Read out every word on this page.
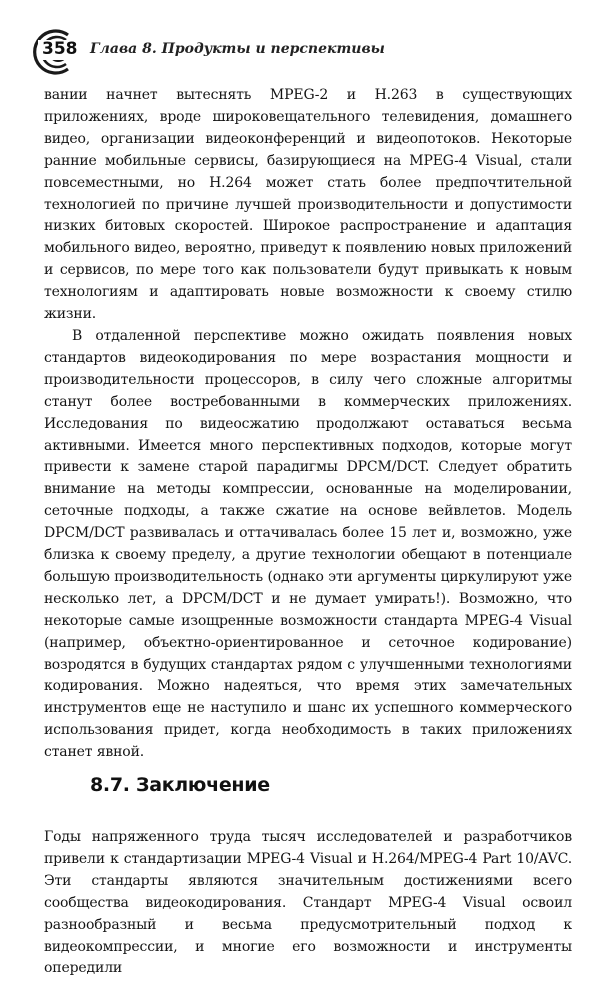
358 Глава 8. Продукты и перспективы

вании начнет вытеснять MPEG-2 и H.263 в существующих приложениях, вроде широковещательного телевидения, домашнего видео, организации видеоконференций и видеопотоков. Некоторые ранние мобильные сервисы, базирующиеся на MPEG-4 Visual, стали повсеместными, но H.264 может стать более предпочтительной технологией по причине лучшей производительности и допустимости низких битовых скоростей. Широкое распространение и адаптация мобильного видео, вероятно, приведут к появлению новых приложений и сервисов, по мере того как пользователи будут привыкать к новым технологиям и адаптировать новые возможности к своему стилю жизни.

В отдаленной перспективе можно ожидать появления новых стандартов видеокодирования по мере возрастания мощности и производительности процессоров, в силу чего сложные алгоритмы станут более востребованными в коммерческих приложениях. Исследования по видеосжатию продолжают оставаться весьма активными. Имеется много перспективных подходов, которые могут привести к замене старой парадигмы DPCM/DCT. Следует обратить внимание на методы компрессии, основанные на моделировании, сеточные подходы, а также сжатие на основе вейвлетов. Модель DPCM/DCT развивалась и оттачивалась более 15 лет и, возможно, уже близка к своему пределу, а другие технологии обещают в потенциале большую производительность (однако эти аргументы циркулируют уже несколько лет, а DPCM/DCT и не думает умирать!). Возможно, что некоторые самые изощренные возможности стандарта MPEG-4 Visual (например, объектно-ориентированное и сеточное кодирование) возродятся в будущих стандартах рядом с улучшенными технологиями кодирования. Можно надеяться, что время этих замечательных инструментов еще не наступило и шанс их успешного коммерческого использования придет, когда необходимость в таких приложениях станет явной.

8.7. Заключение

Годы напряженного труда тысяч исследователей и разработчиков привели к стандартизации MPEG-4 Visual и H.264/MPEG-4 Part 10/AVC. Эти стандарты являются значительным достижениями всего сообщества видеокодирования. Стандарт MPEG-4 Visual освоил разнообразный и весьма предусмотрительный подход к видеокомпрессии, и многие его возможности и инструменты опередили
